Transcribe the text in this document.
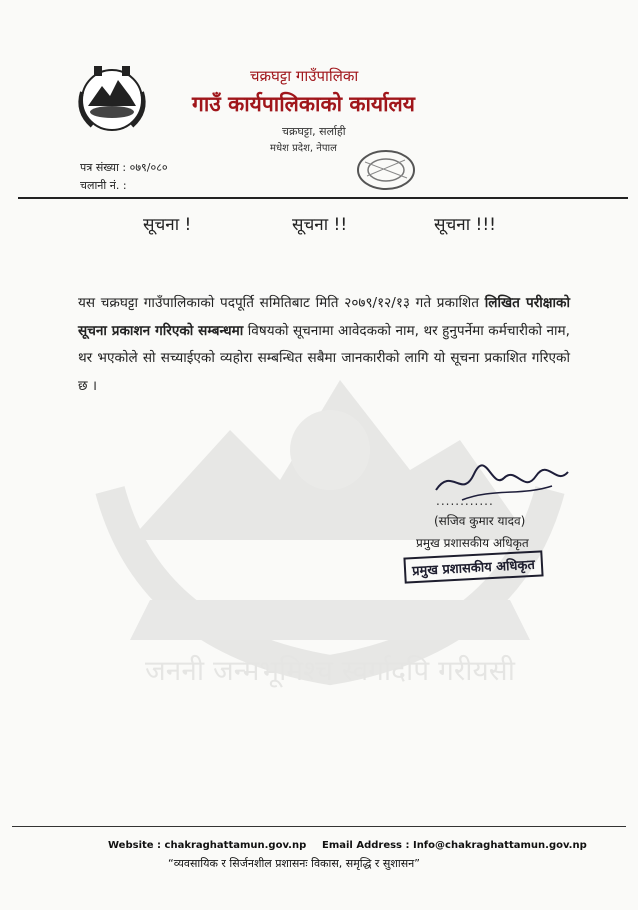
जननी जन्मभूमिश्च स्वर्गादपि गरीयसी
चक्रघट्टा गाउँपालिका
गाउँ कार्यपालिकाको कार्यालय
चक्रघट्टा, सर्लाही
मधेश प्रदेश, नेपाल
पत्र संख्या : ०७९/०८०
चलानी नं. :
सूचना !	सूचना !!	सूचना !!!
यस चक्रघट्टा गाउँपालिकाको पदपूर्ति समितिबाट मिति २०७९/१२/१३ गते प्रकाशित लिखित परीक्षाको सूचना प्रकाशन गरिएको सम्बन्धमा विषयको सूचनामा आवेदकको नाम, थर हुनुपर्नेमा कर्मचारीको नाम, थर भएकोले सो सच्याईएको व्यहोरा सम्बन्धित सबैमा जानकारीको लागि यो सूचना प्रकाशित गरिएको छ ।
............
(सजिव कुमार यादव)
प्रमुख प्रशासकीय अधिकृत
प्रमुख प्रशासकीय अधिकृत
Website : chakraghattamun.gov.np Email Address : Info@chakraghattamun.gov.np
“व्यवसायिक र सिर्जनशील प्रशासनः विकास, समृद्धि र सुशासन”
